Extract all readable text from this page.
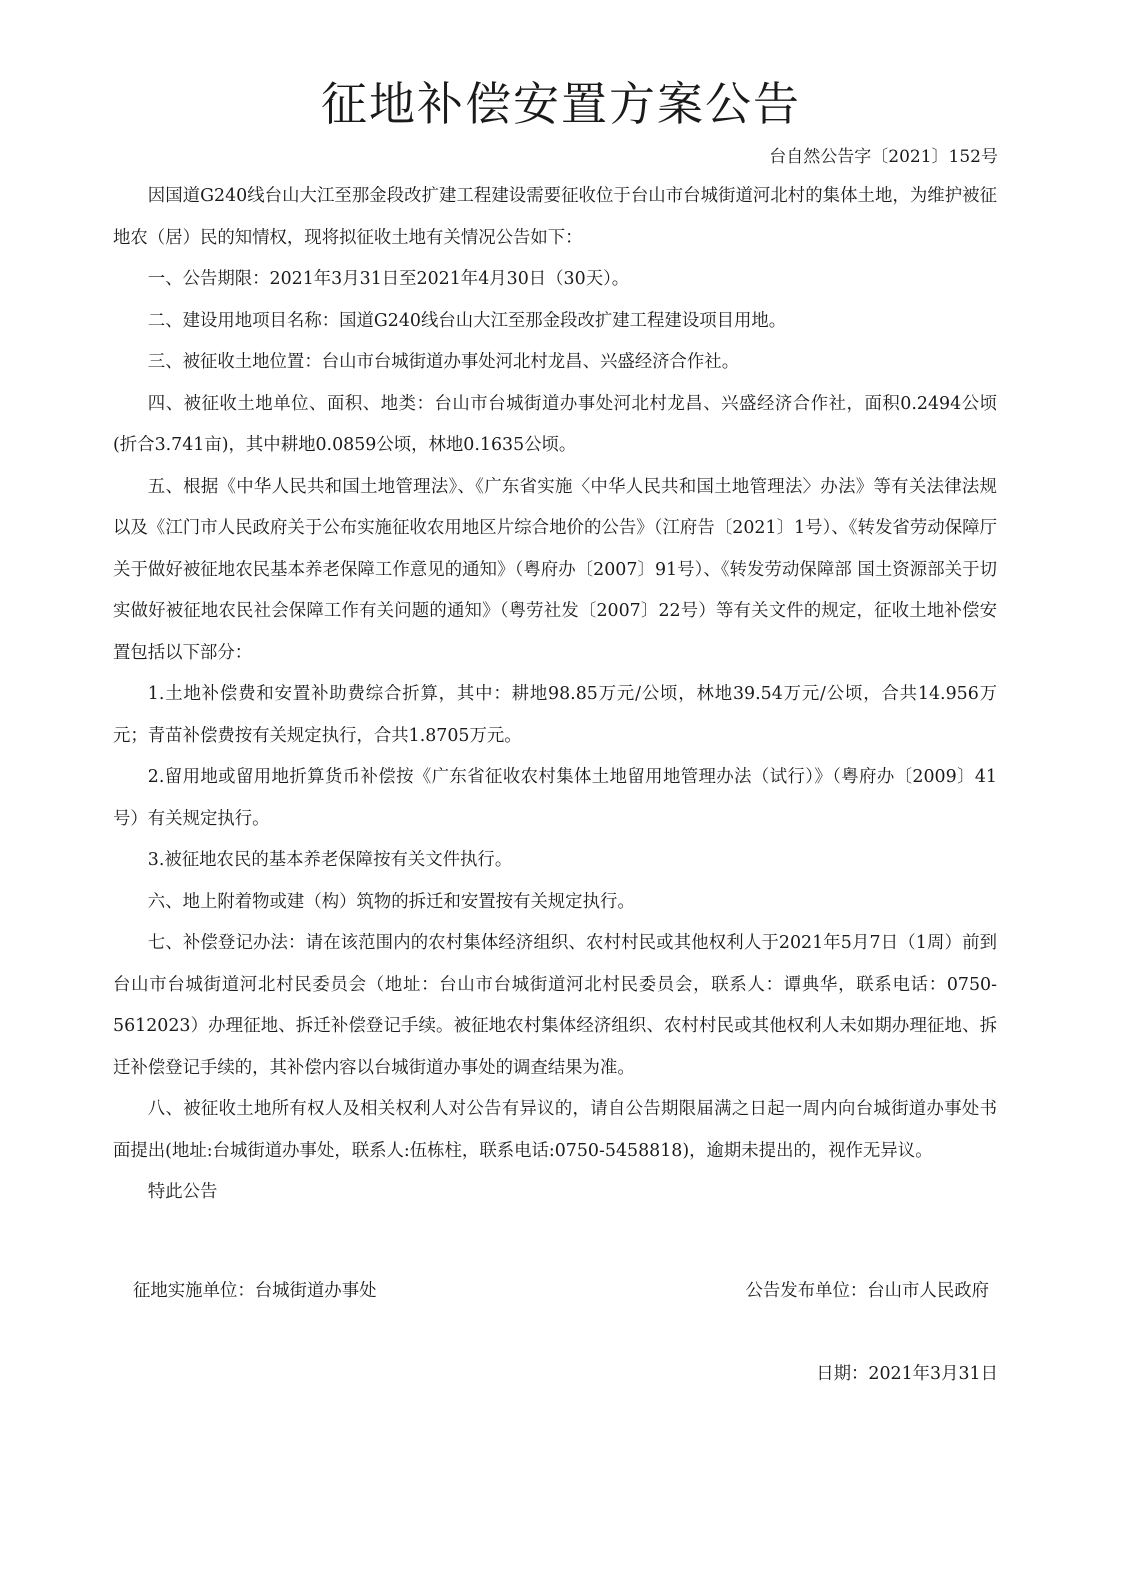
征地补偿安置方案公告
台自然公告字〔2021〕152号

因国道G240线台山大江至那金段改扩建工程建设需要征收位于台山市台城街道河北村的集体土地，为维护被征地农（居）民的知情权，现将拟征收土地有关情况公告如下：

一、公告期限：2021年3月31日至2021年4月30日（30天）。

二、建设用地项目名称：国道G240线台山大江至那金段改扩建工程建设项目用地。

三、被征收土地位置：台山市台城街道办事处河北村龙昌、兴盛经济合作社。

四、被征收土地单位、面积、地类：台山市台城街道办事处河北村龙昌、兴盛经济合作社，面积0.2494公顷(折合3.741亩)，其中耕地0.0859公顷，林地0.1635公顷。

五、根据《中华人民共和国土地管理法》、《广东省实施〈中华人民共和国土地管理法〉办法》等有关法律法规以及《江门市人民政府关于公布实施征收农用地区片综合地价的公告》（江府告〔2021〕1号）、《转发省劳动保障厅关于做好被征地农民基本养老保障工作意见的通知》（粤府办〔2007〕91号）、《转发劳动保障部 国土资源部关于切实做好被征地农民社会保障工作有关问题的通知》（粤劳社发〔2007〕22号）等有关文件的规定，征收土地补偿安置包括以下部分：

1.土地补偿费和安置补助费综合折算，其中：耕地98.85万元/公顷，林地39.54万元/公顷，合共14.956万元；青苗补偿费按有关规定执行，合共1.8705万元。

2.留用地或留用地折算货币补偿按《广东省征收农村集体土地留用地管理办法（试行）》（粤府办〔2009〕41号）有关规定执行。

3.被征地农民的基本养老保障按有关文件执行。

六、地上附着物或建（构）筑物的拆迁和安置按有关规定执行。

七、补偿登记办法：请在该范围内的农村集体经济组织、农村村民或其他权利人于2021年5月7日（1周）前到台山市台城街道河北村民委员会（地址：台山市台城街道河北村民委员会，联系人：谭典华，联系电话：0750-5612023）办理征地、拆迁补偿登记手续。被征地农村集体经济组织、农村村民或其他权利人未如期办理征地、拆迁补偿登记手续的，其补偿内容以台城街道办事处的调查结果为准。

八、被征收土地所有权人及相关权利人对公告有异议的，请自公告期限届满之日起一周内向台城街道办事处书面提出(地址:台城街道办事处，联系人:伍栋柱，联系电话:0750-5458818)，逾期未提出的，视作无异议。

特此公告

征地实施单位：台城街道办事处	公告发布单位：台山市人民政府
日期：2021年3月31日
